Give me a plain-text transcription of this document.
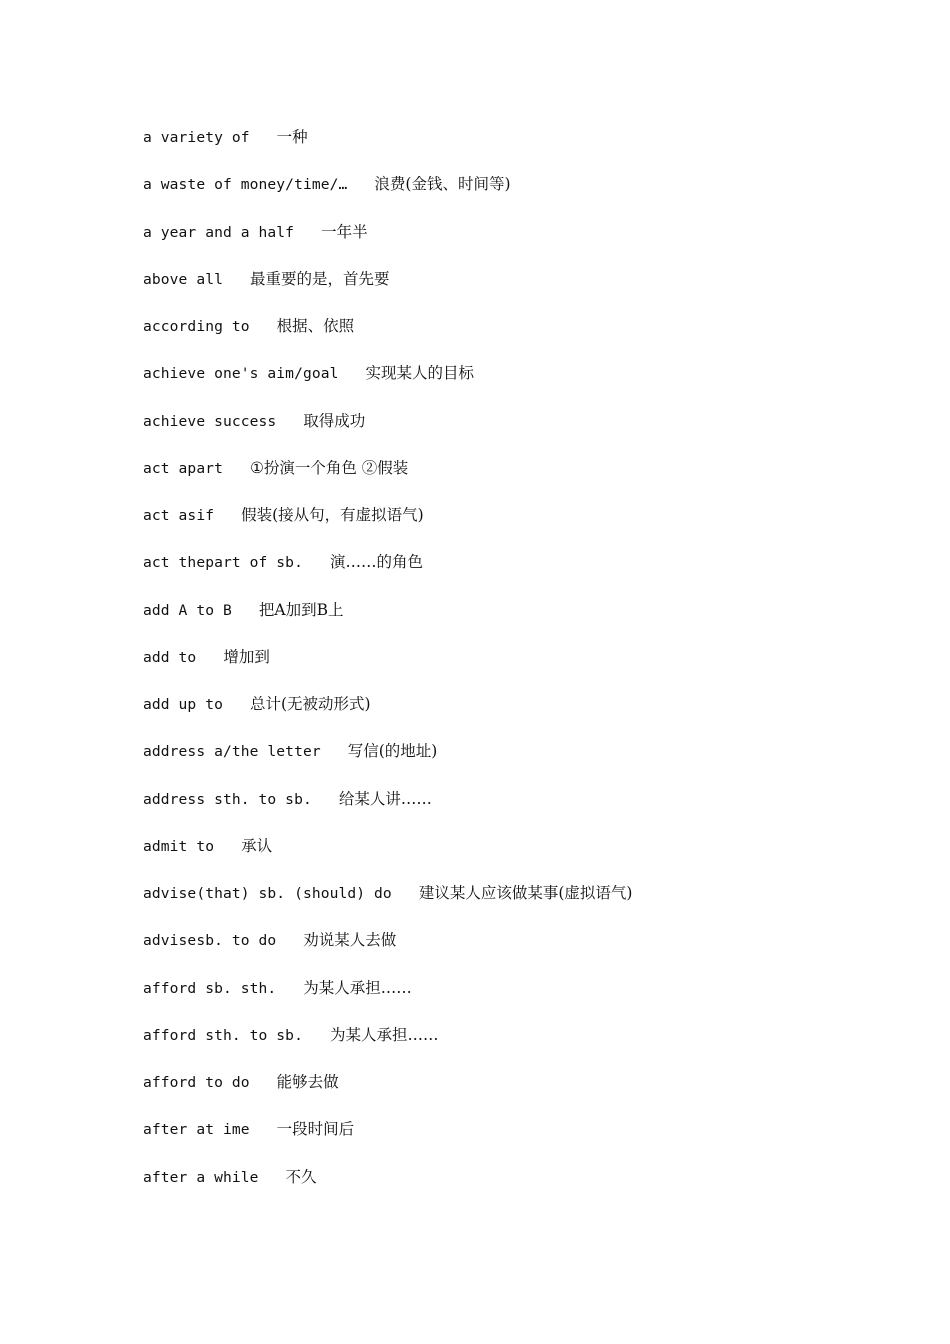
a variety of 一种
a waste of money/time/… 浪费(金钱、时间等)
a year and a half 一年半
above all 最重要的是，首先要
according to 根据、依照
achieve one's aim/goal 实现某人的目标
achieve success 取得成功
act apart ①扮演一个角色 ②假装
act asif 假装(接从句，有虚拟语气)
act thepart of sb. 演……的角色
add A to B 把A加到B上
add to 增加到
add up to 总计(无被动形式)
address a/the letter 写信(的地址)
address sth. to sb. 给某人讲……
admit to 承认
advise(that) sb. (should) do 建议某人应该做某事(虚拟语气)
advisesb. to do 劝说某人去做
afford sb. sth. 为某人承担……
afford sth. to sb. 为某人承担……
afford to do 能够去做
after at ime 一段时间后
after a while 不久
